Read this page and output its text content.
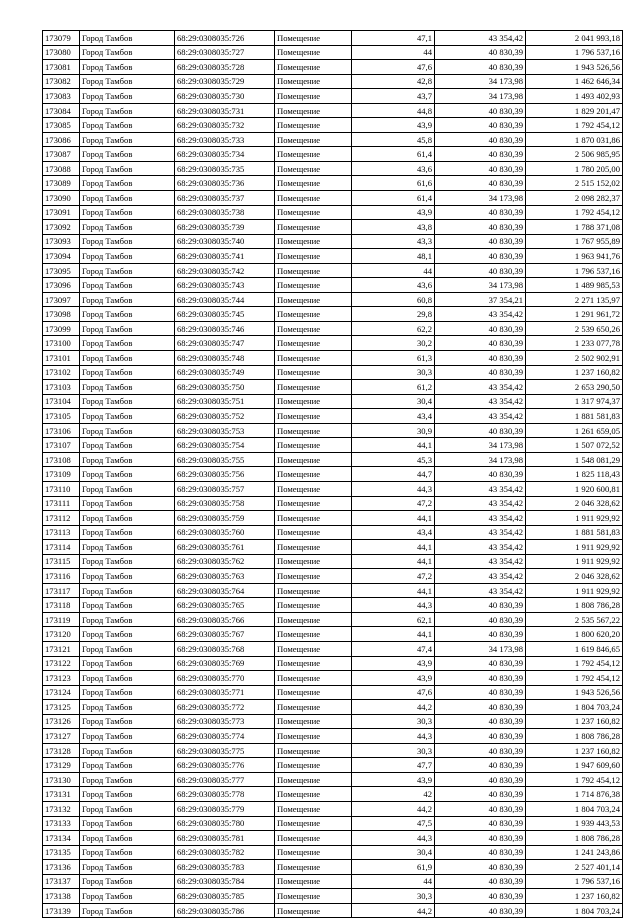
173079	Город Тамбов	68:29:0308035:726	Помещение	47,1	43 354,42	2 041 993,18
173080	Город Тамбов	68:29:0308035:727	Помещение	44	40 830,39	1 796 537,16
173081	Город Тамбов	68:29:0308035:728	Помещение	47,6	40 830,39	1 943 526,56
173082	Город Тамбов	68:29:0308035:729	Помещение	42,8	34 173,98	1 462 646,34
173083	Город Тамбов	68:29:0308035:730	Помещение	43,7	34 173,98	1 493 402,93
173084	Город Тамбов	68:29:0308035:731	Помещение	44,8	40 830,39	1 829 201,47
173085	Город Тамбов	68:29:0308035:732	Помещение	43,9	40 830,39	1 792 454,12
173086	Город Тамбов	68:29:0308035:733	Помещение	45,8	40 830,39	1 870 031,86
173087	Город Тамбов	68:29:0308035:734	Помещение	61,4	40 830,39	2 506 985,95
173088	Город Тамбов	68:29:0308035:735	Помещение	43,6	40 830,39	1 780 205,00
173089	Город Тамбов	68:29:0308035:736	Помещение	61,6	40 830,39	2 515 152,02
173090	Город Тамбов	68:29:0308035:737	Помещение	61,4	34 173,98	2 098 282,37
173091	Город Тамбов	68:29:0308035:738	Помещение	43,9	40 830,39	1 792 454,12
173092	Город Тамбов	68:29:0308035:739	Помещение	43,8	40 830,39	1 788 371,08
173093	Город Тамбов	68:29:0308035:740	Помещение	43,3	40 830,39	1 767 955,89
173094	Город Тамбов	68:29:0308035:741	Помещение	48,1	40 830,39	1 963 941,76
173095	Город Тамбов	68:29:0308035:742	Помещение	44	40 830,39	1 796 537,16
173096	Город Тамбов	68:29:0308035:743	Помещение	43,6	34 173,98	1 489 985,53
173097	Город Тамбов	68:29:0308035:744	Помещение	60,8	37 354,21	2 271 135,97
173098	Город Тамбов	68:29:0308035:745	Помещение	29,8	43 354,42	1 291 961,72
173099	Город Тамбов	68:29:0308035:746	Помещение	62,2	40 830,39	2 539 650,26
173100	Город Тамбов	68:29:0308035:747	Помещение	30,2	40 830,39	1 233 077,78
173101	Город Тамбов	68:29:0308035:748	Помещение	61,3	40 830,39	2 502 902,91
173102	Город Тамбов	68:29:0308035:749	Помещение	30,3	40 830,39	1 237 160,82
173103	Город Тамбов	68:29:0308035:750	Помещение	61,2	43 354,42	2 653 290,50
173104	Город Тамбов	68:29:0308035:751	Помещение	30,4	43 354,42	1 317 974,37
173105	Город Тамбов	68:29:0308035:752	Помещение	43,4	43 354,42	1 881 581,83
173106	Город Тамбов	68:29:0308035:753	Помещение	30,9	40 830,39	1 261 659,05
173107	Город Тамбов	68:29:0308035:754	Помещение	44,1	34 173,98	1 507 072,52
173108	Город Тамбов	68:29:0308035:755	Помещение	45,3	34 173,98	1 548 081,29
173109	Город Тамбов	68:29:0308035:756	Помещение	44,7	40 830,39	1 825 118,43
173110	Город Тамбов	68:29:0308035:757	Помещение	44,3	43 354,42	1 920 600,81
173111	Город Тамбов	68:29:0308035:758	Помещение	47,2	43 354,42	2 046 328,62
173112	Город Тамбов	68:29:0308035:759	Помещение	44,1	43 354,42	1 911 929,92
173113	Город Тамбов	68:29:0308035:760	Помещение	43,4	43 354,42	1 881 581,83
173114	Город Тамбов	68:29:0308035:761	Помещение	44,1	43 354,42	1 911 929,92
173115	Город Тамбов	68:29:0308035:762	Помещение	44,1	43 354,42	1 911 929,92
173116	Город Тамбов	68:29:0308035:763	Помещение	47,2	43 354,42	2 046 328,62
173117	Город Тамбов	68:29:0308035:764	Помещение	44,1	43 354,42	1 911 929,92
173118	Город Тамбов	68:29:0308035:765	Помещение	44,3	40 830,39	1 808 786,28
173119	Город Тамбов	68:29:0308035:766	Помещение	62,1	40 830,39	2 535 567,22
173120	Город Тамбов	68:29:0308035:767	Помещение	44,1	40 830,39	1 800 620,20
173121	Город Тамбов	68:29:0308035:768	Помещение	47,4	34 173,98	1 619 846,65
173122	Город Тамбов	68:29:0308035:769	Помещение	43,9	40 830,39	1 792 454,12
173123	Город Тамбов	68:29:0308035:770	Помещение	43,9	40 830,39	1 792 454,12
173124	Город Тамбов	68:29:0308035:771	Помещение	47,6	40 830,39	1 943 526,56
173125	Город Тамбов	68:29:0308035:772	Помещение	44,2	40 830,39	1 804 703,24
173126	Город Тамбов	68:29:0308035:773	Помещение	30,3	40 830,39	1 237 160,82
173127	Город Тамбов	68:29:0308035:774	Помещение	44,3	40 830,39	1 808 786,28
173128	Город Тамбов	68:29:0308035:775	Помещение	30,3	40 830,39	1 237 160,82
173129	Город Тамбов	68:29:0308035:776	Помещение	47,7	40 830,39	1 947 609,60
173130	Город Тамбов	68:29:0308035:777	Помещение	43,9	40 830,39	1 792 454,12
173131	Город Тамбов	68:29:0308035:778	Помещение	42	40 830,39	1 714 876,38
173132	Город Тамбов	68:29:0308035:779	Помещение	44,2	40 830,39	1 804 703,24
173133	Город Тамбов	68:29:0308035:780	Помещение	47,5	40 830,39	1 939 443,53
173134	Город Тамбов	68:29:0308035:781	Помещение	44,3	40 830,39	1 808 786,28
173135	Город Тамбов	68:29:0308035:782	Помещение	30,4	40 830,39	1 241 243,86
173136	Город Тамбов	68:29:0308035:783	Помещение	61,9	40 830,39	2 527 401,14
173137	Город Тамбов	68:29:0308035:784	Помещение	44	40 830,39	1 796 537,16
173138	Город Тамбов	68:29:0308035:785	Помещение	30,3	40 830,39	1 237 160,82
173139	Город Тамбов	68:29:0308035:786	Помещение	44,2	40 830,39	1 804 703,24
